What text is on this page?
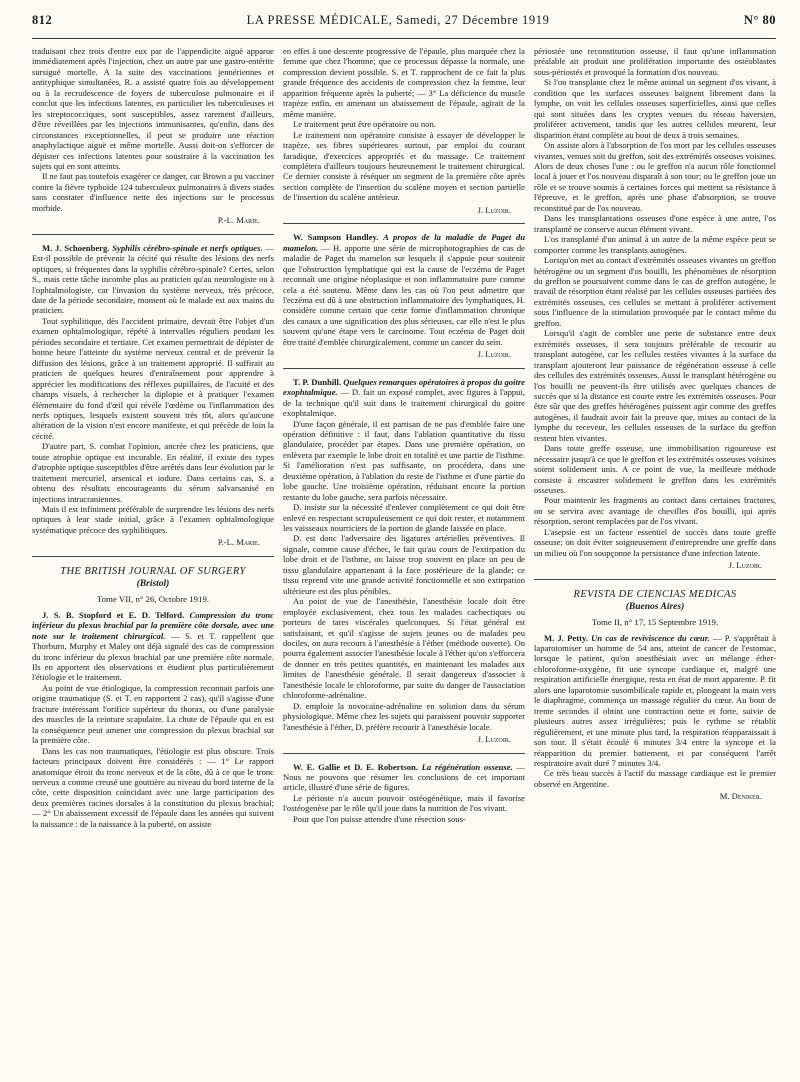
812	LA PRESSE MÉDICALE, Samedi, 27 Décembre 1919	N° 80

traduisant chez trois d'entre eux par de l'appendicite aiguë apparue immédiatement après l'injection, chez un autre par une gastro-entérite sursiguë mortelle. A la suite des vaccinations jennériennes et antityphique simultanées, R. a assisté quatre fois au développement ou à la recrudescence de foyers de tuberculose pulmonaire et il conclut que les infections latentes, en particulier les tuberculeuses et les streptococciques, sont susceptibles, assez rarement d'ailleurs, d'être réveillées par les injections immunisantes, qu'enfin, dans des circonstances exceptionnelles, il peut se produire une réaction anaphylactique aiguë et même mortelle. Aussi doit-on s'efforcer de dépister ces infections latentes pour soustraire à la vaccination les sujets qui en sont atteints.

Il ne faut pas toutefois exagérer ce danger, car Brown a pu vacciner contre la fièvre typhoïde 124 tuberculeux pulmonaires à divers stades sans constater d'influence nette des injections sur le processus morbide.

P.-L. Marie.

M. J. Schoenberg. Syphilis cérébro-spinale et nerfs optiques. — Est-il possible de prévenir la cécité qui résulte des lésions des nerfs optiques, si fréquentes dans la syphilis cérébro-spinale? Certes, selon S., mais cette tâche incombe plus au praticien qu'au neurologiste ou à l'ophtalmologiste, car l'invasion du système nerveux, très précoce, date de la période secondaire, moment où le malade est aux mains du praticien.

Tout syphilitique, dès l'accident primaire, devrait être l'objet d'un examen ophtalmologique, répété à intervalles réguliers pendant les périodes secondaire et tertiaire. Cet examen permettrait de dépister de bonne heure l'atteinte du système nerveux central et de prévenir la diffusion des lésions, grâce à un traitement approprié. Il suffirait au praticien de quelques heures d'entraînement pour apprendre à apprécier les modifications des réflexes pupillaires, de l'acuité et des champs visuels, à rechercher la diplopie et à pratiquer l'examen élémentaire du fond d'œil qui révèle l'œdème ou l'inflammation des nerfs optiques, lesquels existent souvent très tôt, alors qu'aucune altération de la vision n'est encore manifeste, et qui précède de loin la cécité.

D'autre part, S. combat l'opinion, ancrée chez les praticiens, que toute atrophie optique est incurable. En réalité, il existe des types d'atrophie optique susceptibles d'être arrêtés dans leur évolution par le traitement mercuriel, arsenical et iodure. Dans certains cas, S. a obtenu des résultats encourageants du sérum salvarsanisé en injections intracraniennes.

Mais il est infiniment préférable de surprendre les lésions des nerfs optiques à leur stade initial, grâce à l'examen ophtalmologique systématique précoce des syphilitiques.

P.-L. Marie.
THE BRITISH JOURNAL OF SURGERY
(Bristol)
Tome VII, n° 26, Octobre 1919.

J. S. B. Stopford et E. D. Telford. Compression du tronc inférieur du plexus brachial par la première côte dorsale, avec une note sur le traitement chirurgical. — S. et T. rappellent que Thorburn, Murphy et Maley ont déjà signalé des cas de compression du tronc inférieur du plexus brachial par une première côte normale. Ils en apportent des observations et étudient plus particulièrement l'étiologie et le traitement.

Au point de vue étiologique, la compression reconnait parfois une origine traumatique (S. et T. en rapportent 2 cas), qu'il s'agisse d'une fracture intéressant l'orifice supérieur du thorax, ou d'une paralysie des muscles de la ceinture scapulaire. La chute de l'épaule qui en est la conséquence peut amener une compression du plexus brachial sur la première côte.

Dans les cas non traumatiques, l'étiologie est plus obscure. Trois facteurs principaux doivent être considérés : — 1° Le rapport anatomique étroit du tronc nerveux et de la côte, dû à ce que le tronc nerveux a comme creusé une gouttière au niveau du bord interne de la côte, cette disposition coïncidant avec une large participation des deux premières racines dorsales à la constitution du plexus brachial; — 2° Un abaissement excessif de l'épaule dans les années qui suivent la naissance : de la naissance à la puberté, on assiste

en effet à une descente progressive de l'épaule, plus marquée chez la femme que chez l'homme; que ce processus dépasse la normale, une compression devient possible. S. et T. rapprochent de ce fait la plus grande fréquence des accidents de compression chez la femme, leur apparition fréquente après la puberté; — 3° La déficience du muscle trapèze enfin, en amenant un abaissement de l'épaule, agirait de la même manière.

Le traitement peut être opératoire ou non.

Le traitement non opératoire consiste à essayer de développer le trapèze, ses fibres supérieures surtout, par emploi du courant faradique, d'exercices appropriés et du massage. Ce traitement complétera d'ailleurs toujours heureusement le traitement chirurgical. Ce dernier consiste à réséquer un segment de la première côte après section complète de l'insertion du scalène moyen et section partielle de l'insertion du scalène antérieur.

J. Luzoir.

W. Sampson Handley. A propos de la maladie de Paget du mamelon. — H. apporte une série de microphotographies de cas de maladie de Paget du mamelon sur lesquels il s'appuie pour soutenir que l'obstruction lymphatique qui est la cause de l'eczéma de Paget reconnaît une origine néoplasique et non inflammatoire pure comme cela a été soutenu. Même dans les cas où l'on peut admettre que l'eczéma est dû à une obstruction inflammatoire des lymphatiques, H. considère comme certain que cette forme d'inflammation chronique des canaux a une signification des plus sérieuses, car elle n'est le plus souvent qu'une étape vers le carcinome. Tout eczéma de Paget doit être traité d'emblée chirurgicalement, comme un cancer du sein.

J. Luzoir.

T. P. Dunhill. Quelques remarques opératoires à propos du goitre exophtalmique. — D. fait un exposé complet, avec figures à l'appui, de la technique qu'il suit dans le traitement chirurgical du goitre exophtalmique.

D'une façon générale, il est partisan de ne pas d'emblée faire une opération définitive : il faut, dans l'ablation quantitative du tissu glandulaire, procéder par étapes. Dans une première opération, on enlèvera par exemple le lobe droit en totalité et une partie de l'isthme. Si l'amélioration n'est pas suffisante, on procédera, dans une deuxième opération, à l'ablation du reste de l'isthme et d'une partie du lobe gauche. Une troisième opération, réduisant encore la portion restante du lobe gauche, sera parfois nécessaire.

D. insiste sur la nécessité d'enlever complètement ce qui doit être enlevé en respectant scrupuleusement ce qui doit rester, et notamment les vaisseaux nourriciers de la portion de glande laissée en place.

D. est donc l'adversaire des ligatures artérielles préventives. Il signale, comme cause d'échec, le fait qu'au cours de l'extirpation du lobe droit et de l'isthme, on laisse trop souvent en place un peu de tissu glandulaire appartenant à la face postérieure de la glande; ce tissu reprend vite une grande activité fonctionnelle et son extirpation ultérieure est des plus pénibles.

Au point de vue de l'anesthésie, l'anesthésie locale doit être employée exclusivement, chez tous les malades cachectiques ou porteurs de tares viscérales quelconques. Si l'état général est satisfaisant, et qu'il s'agisse de sujets jeunes ou de malades peu dociles, on aura recours à l'anesthésie à l'éther (méthode ouverte). On pourra également associer l'anesthésie locale à l'éther qu'on s'efforcera de donner en très petites quantités, en maintenant les malades aux limites de l'anesthésie générale. Il serait dangereux d'associer à l'anesthésie locale le chloroforme, par suite du danger de l'association chloroforme-adrénaline.

D. emploie la novocaïne-adrénaline en solution dans du sérum physiologique. Même chez les sujets qui paraissent pouvoir supporter l'anesthésie à l'éther, D. préfère recourir à l'anesthésie locale.

J. Luzoir.

W. E. Gallie et D. E. Robertson. La régénération osseuse. — Nous ne pouvons que résumer les conclusions de cet important article, illustré d'une série de figures.

Le périoste n'a aucun pouvoir ostéogénétique, mais il favorise l'ostéogenèse par le rôle qu'il joue dans la nutrition de l'os vivant.

Pour que l'on puisse attendre d'une résection sous-

périostée une reconstitution osseuse, il faut qu'une inflammation préalable ait produit une prolifération importante des ostéoblastes sous-périostés et provoqué la formation d'os nouveau.

Si l'on transplante chez le même animal un segment d'os vivant, à condition que les surfaces osseuses baignent librement dans la lymphe, on voit les cellules osseuses superficielles, ainsi que celles qui sont situées dans les cryptes venues du réseau haversien, proliférer activement, tandis que les autres cellules meurent, leur disparition étant complète au bout de deux à trois semaines.

On assiste alors à l'absorption de l'os mort par les cellules osseuses vivantes, venues soit du greffon, soit des extrémités osseuses voisines. Alors de deux choses l'une : ou le greffon n'a aucun rôle fonctionnel local à jouer et l'os nouveau disparaît à son tour; ou le greffon joue un rôle et se trouve soumis à certaines forces qui mettent sa résistance à l'épreuve, et le greffon, après une phase d'absorption, se trouve reconstitué par de l'os nouveau.

Dans les transplantations osseuses d'une espèce à une autre, l'os transplanté ne conserve aucun élément vivant.

L'os transplanté d'un animal à un autre de la même espèce peut se comporter comme les transplants autogènes.

Lorsqu'on met au contact d'extrémités osseuses vivantes un greffon hétérogène ou un segment d'os bouilli, les phénomènes de résorption du greffon se poursuivent comme dans le cas de greffon autogène, le travail de résorption étant réalisé par les cellules osseuses partiées des extrémités osseuses, ces cellules se mettant à proliférer activement sous l'influence de la stimulation provoquée par le contact même du greffon.

Lorsqu'il s'agit de combler une perte de substance entre deux extrémités osseuses, il sera toujours préférable de recourir au transplant autogène, car les cellules restées vivantes à la surface du transplant ajouteront leur puissance de régénération osseuse à celle des cellules des extrémités osseuses. Aussi le transplant hétérogène ou l'os bouilli ne peuvent-ils être utilisés avec quelques chances de succès que si la distance est courte entre les extrémités osseuses. Pour être sûr que des greffes hétérogènes puissent agir comme des greffes autogènes, il faudrait avoir fait la preuve que, mises au contact de la lymphe du receveur, les cellules osseuses de la surface du greffon restent bien vivantes.

Dans toute greffe osseuse, une immobilisation rigoureuse est nécessaire jusqu'à ce que le greffon et les extrémités osseuses voisines soient solidement unis. A ce point de vue, la meilleure méthode consiste à encastrer solidement le greffon dans les extrémités osseuses.

Pour maintenir les fragments au contact dans certaines fractures, on se servira avec avantage de chevilles d'os bouilli, qui après résorption, seront remplacées par de l'os vivant.

L'asepsie est un facteur essentiel de succès dans toute greffe osseuse; on doit éviter soigneusement d'entreprendre une greffe dans un milieu où l'on soupçonne la persistance d'une infection latente.

J. Luzoir.
REVISTA DE CIENCIAS MEDICAS
(Buenos Aires)
Tome II, n° 17, 15 Septembre 1919.

M. J. Petty. Un cas de reviviscence du cœur. — P. s'apprêtait à laparotomiser un homme de 54 ans, atteint de cancer de l'estomac, lorsque le patient, qu'on anesthésiait avec un mélange éther-chloroforme-oxygène, fit une syncope cardiaque et, malgré une respiration artificielle énergique, resta en état de mort apparente. P. fit alors une laparotomie susombilicale rapide et, plongeant la main vers le diaphragme, commença un massage régulier du cœur. Au bout de trente secondes il obtint une contraction nette et forte, suivie de plusieurs autres assez irrégulières; puis le rythme se rétablit régulièrement, et une minute plus tard, la respiration réapparaissait à son tour. Il s'était écoulé 6 minutes 3/4 entre la syncope et la réapparition du premier battement, et par conséquent l'arrêt respiratoire avait duré 7 minutes 3/4.

Ce très beau succès à l'actif du massage cardiaque est le premier observé en Argentine.

M. Deniker.
